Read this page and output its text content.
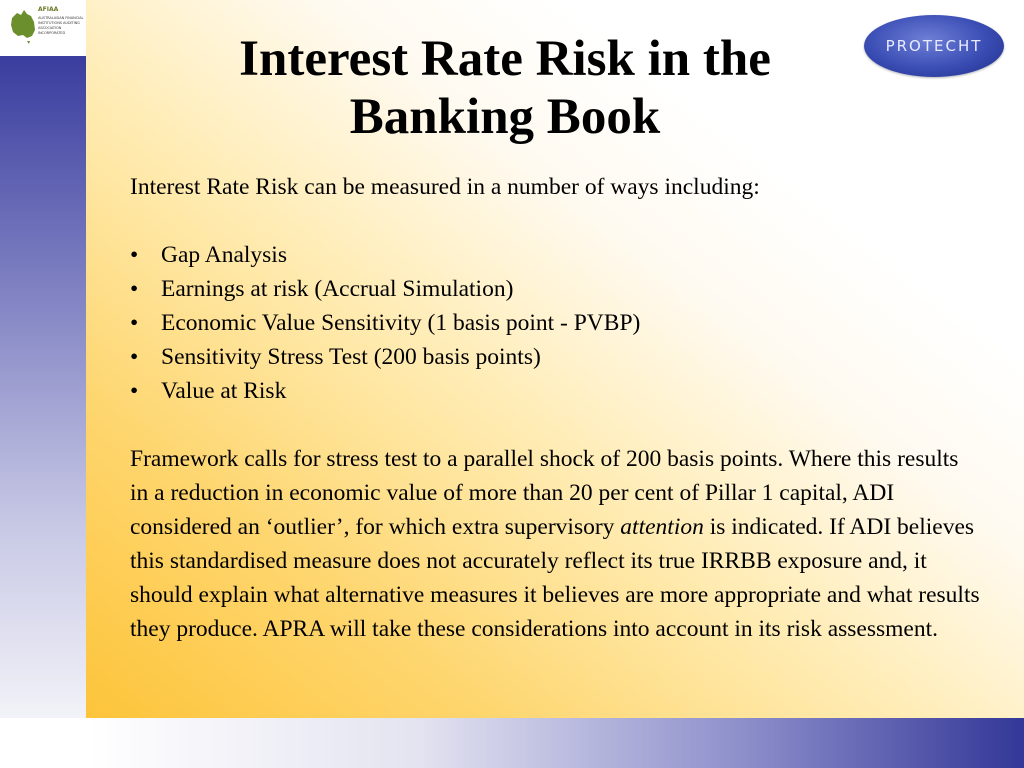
AFIAA
AUSTRALASIAN FINANCIAL INSTITUTIONS AUDITING ASSOCIATION INCORPORATED
PROTECHT
Interest Rate Risk in the
Banking Book

Interest Rate Risk can be measured in a number of ways including:

• Gap Analysis
• Earnings at risk (Accrual Simulation)
• Economic Value Sensitivity (1 basis point - PVBP)
• Sensitivity Stress Test (200 basis points)
• Value at Risk

Framework calls for stress test to a parallel shock of 200 basis points. Where this results in a reduction in economic value of more than 20 per cent of Pillar 1 capital, ADI considered an ‘outlier’, for which extra supervisory attention is indicated. If ADI believes this standardised measure does not accurately reflect its true IRRBB exposure and, it should explain what alternative measures it believes are more appropriate and what results they produce. APRA will take these considerations into account in its risk assessment.
